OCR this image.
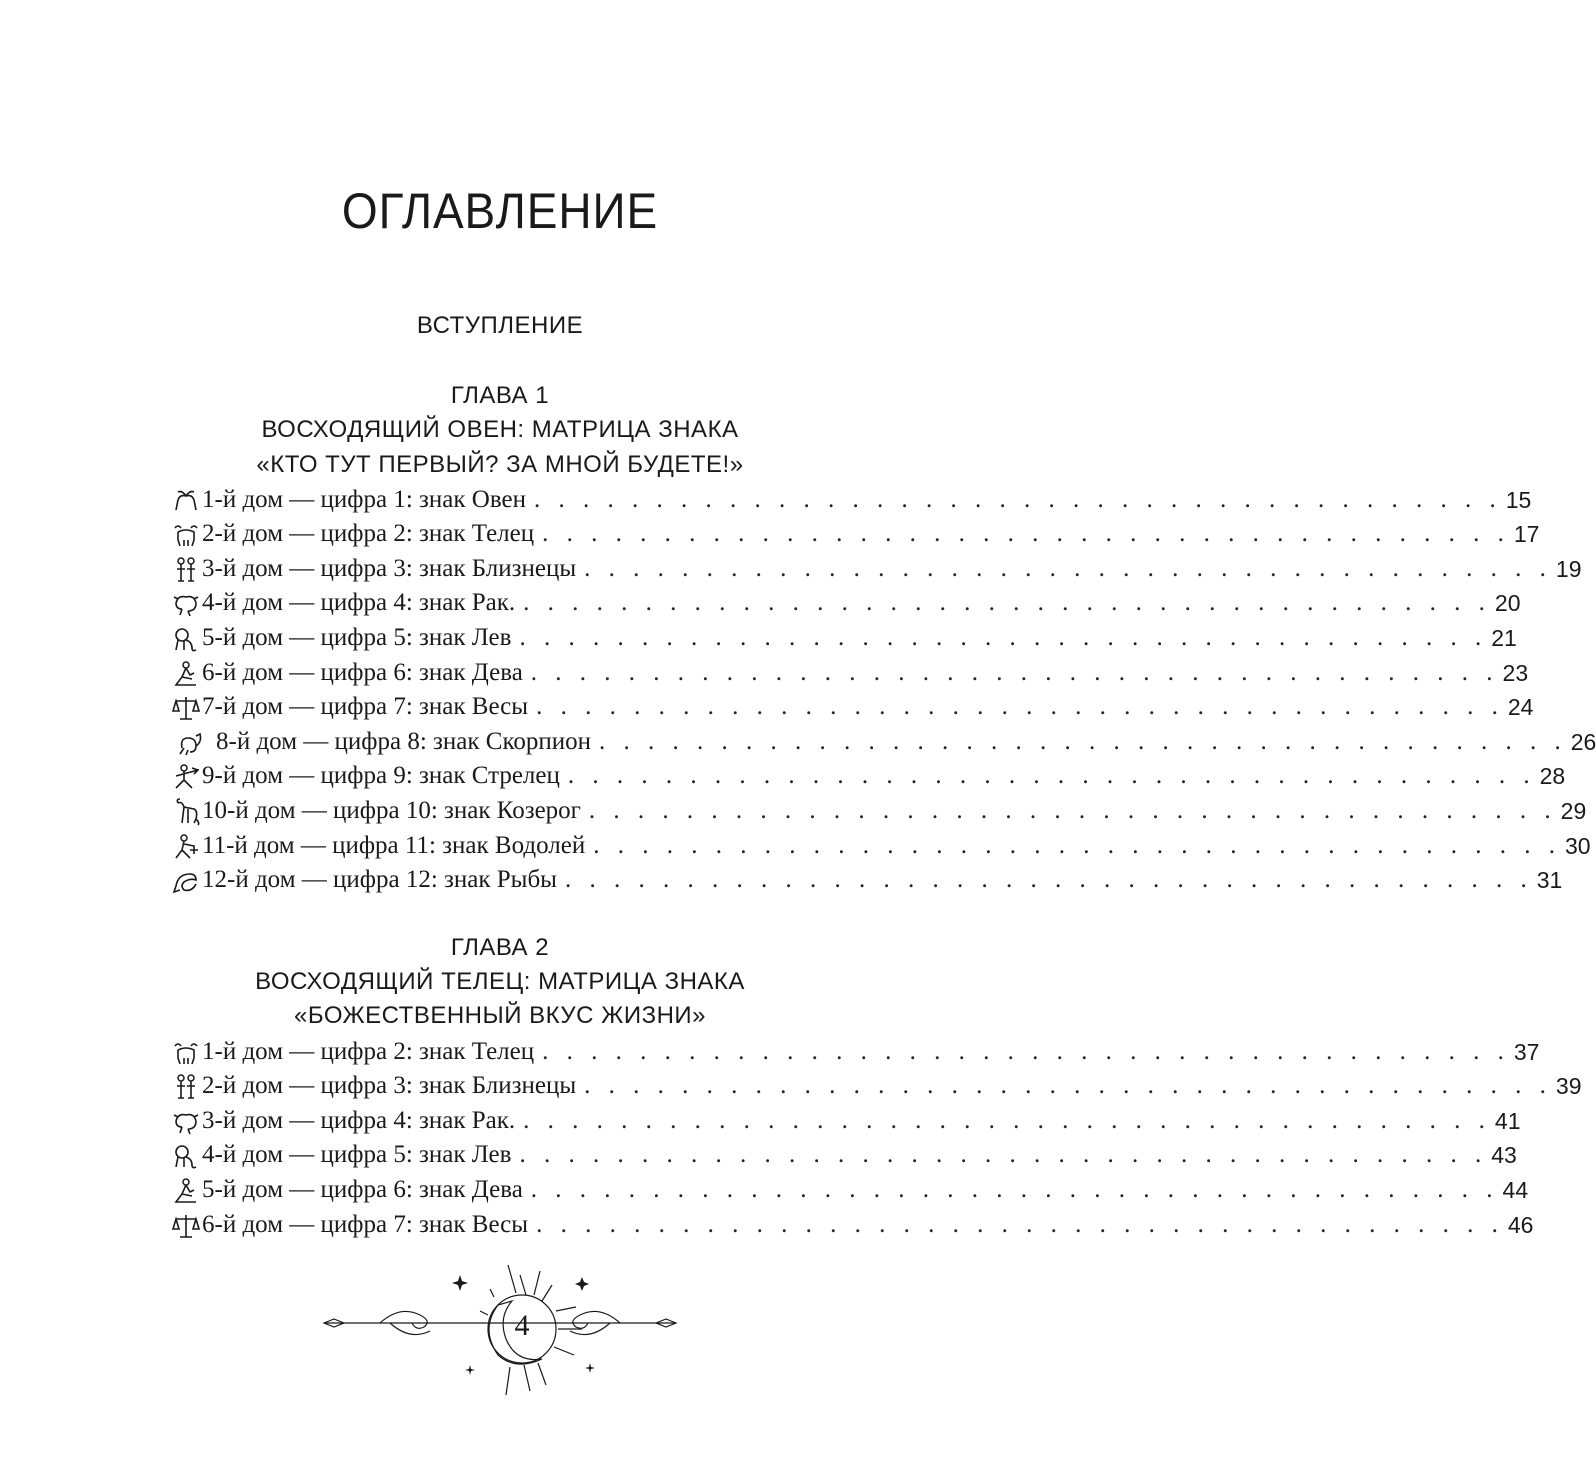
ОГЛАВЛЕНИЕ
ВСТУПЛЕНИЕ
ГЛАВА 1
ВОСХОДЯЩИЙ ОВЕН: МАТРИЦА ЗНАКА
«КТО ТУТ ПЕРВЫЙ? ЗА МНОЙ БУДЕТЕ!»
1-й дом — цифра 1: знак Овен . . . . . . . . . . . . . . . . . . . . . . . . . . . . . . . . . . . . . . . . 15
2-й дом — цифра 2: знак Телец . . . . . . . . . . . . . . . . . . . . . . . . . . . . . . . . . . . . . . . . 17
3-й дом — цифра 3: знак Близнецы . . . . . . . . . . . . . . . . . . . . . . . . . . . . . . . . . . . . . . . . 19
4-й дом — цифра 4: знак Рак. . . . . . . . . . . . . . . . . . . . . . . . . . . . . . . . . . . . . . . . . 20
5-й дом — цифра 5: знак Лев . . . . . . . . . . . . . . . . . . . . . . . . . . . . . . . . . . . . . . . . 21
6-й дом — цифра 6: знак Дева . . . . . . . . . . . . . . . . . . . . . . . . . . . . . . . . . . . . . . . . 23
7-й дом — цифра 7: знак Весы . . . . . . . . . . . . . . . . . . . . . . . . . . . . . . . . . . . . . . . . 24
8-й дом — цифра 8: знак Скорпион . . . . . . . . . . . . . . . . . . . . . . . . . . . . . . . . . . . . . . . . 26
9-й дом — цифра 9: знак Стрелец . . . . . . . . . . . . . . . . . . . . . . . . . . . . . . . . . . . . . . . . 28
10-й дом — цифра 10: знак Козерог . . . . . . . . . . . . . . . . . . . . . . . . . . . . . . . . . . . . . . . . 29
11-й дом — цифра 11: знак Водолей . . . . . . . . . . . . . . . . . . . . . . . . . . . . . . . . . . . . . . . . 30
12-й дом — цифра 12: знак Рыбы . . . . . . . . . . . . . . . . . . . . . . . . . . . . . . . . . . . . . . . . 31
ГЛАВА 2
ВОСХОДЯЩИЙ ТЕЛЕЦ: МАТРИЦА ЗНАКА
«БОЖЕСТВЕННЫЙ ВКУС ЖИЗНИ»
1-й дом — цифра 2: знак Телец . . . . . . . . . . . . . . . . . . . . . . . . . . . . . . . . . . . . . . . . 37
2-й дом — цифра 3: знак Близнецы . . . . . . . . . . . . . . . . . . . . . . . . . . . . . . . . . . . . . . . . 39
3-й дом — цифра 4: знак Рак. . . . . . . . . . . . . . . . . . . . . . . . . . . . . . . . . . . . . . . . . 41
4-й дом — цифра 5: знак Лев . . . . . . . . . . . . . . . . . . . . . . . . . . . . . . . . . . . . . . . . 43
5-й дом — цифра 6: знак Дева . . . . . . . . . . . . . . . . . . . . . . . . . . . . . . . . . . . . . . . . 44
6-й дом — цифра 7: знак Весы . . . . . . . . . . . . . . . . . . . . . . . . . . . . . . . . . . . . . . . . 46
4
